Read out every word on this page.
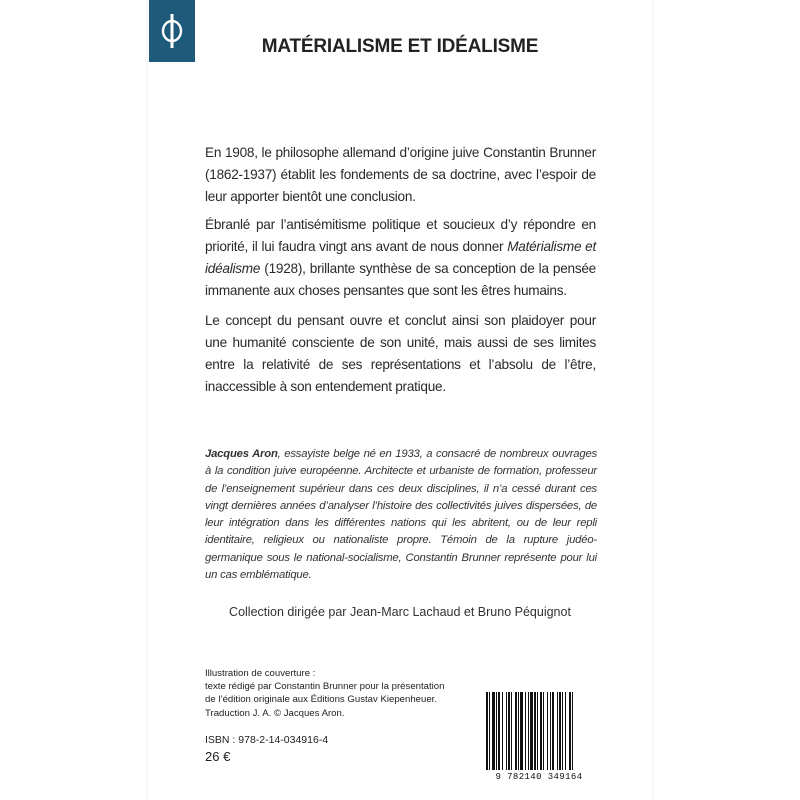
MATÉRIALISME ET IDÉALISME
En 1908, le philosophe allemand d’origine juive Constantin Brunner (1862-1937) établit les fondements de sa doctrine, avec l’espoir de leur apporter bientôt une conclusion.
Ébranlé par l’antisémitisme politique et soucieux d’y répondre en priorité, il lui faudra vingt ans avant de nous donner Matérialisme et idéalisme (1928), brillante synthèse de sa conception de la pensée immanente aux choses pensantes que sont les êtres humains.
Le concept du pensant ouvre et conclut ainsi son plaidoyer pour une humanité consciente de son unité, mais aussi de ses limites entre la relativité de ses représentations et l’absolu de l’être, inaccessible à son entendement pratique.
Jacques Aron, essayiste belge né en 1933, a consacré de nombreux ouvrages à la condition juive européenne. Architecte et urbaniste de formation, professeur de l’enseignement supérieur dans ces deux disciplines, il n’a cessé durant ces vingt dernières années d’analyser l’histoire des collectivités juives dispersées, de leur intégration dans les différentes nations qui les abritent, ou de leur repli identitaire, religieux ou nationaliste propre. Témoin de la rupture judéo-germanique sous le national-socialisme, Constantin Brunner représente pour lui un cas emblématique.
Collection dirigée par Jean-Marc Lachaud et Bruno Péquignot
Illustration de couverture :
texte rédigé par Constantin Brunner pour la présentation
de l’édition originale aux Éditions Gustav Kiepenheuer.
Traduction J. A. © Jacques Aron.
ISBN : 978-2-14-034916-4
26 €
9 782140 349164
